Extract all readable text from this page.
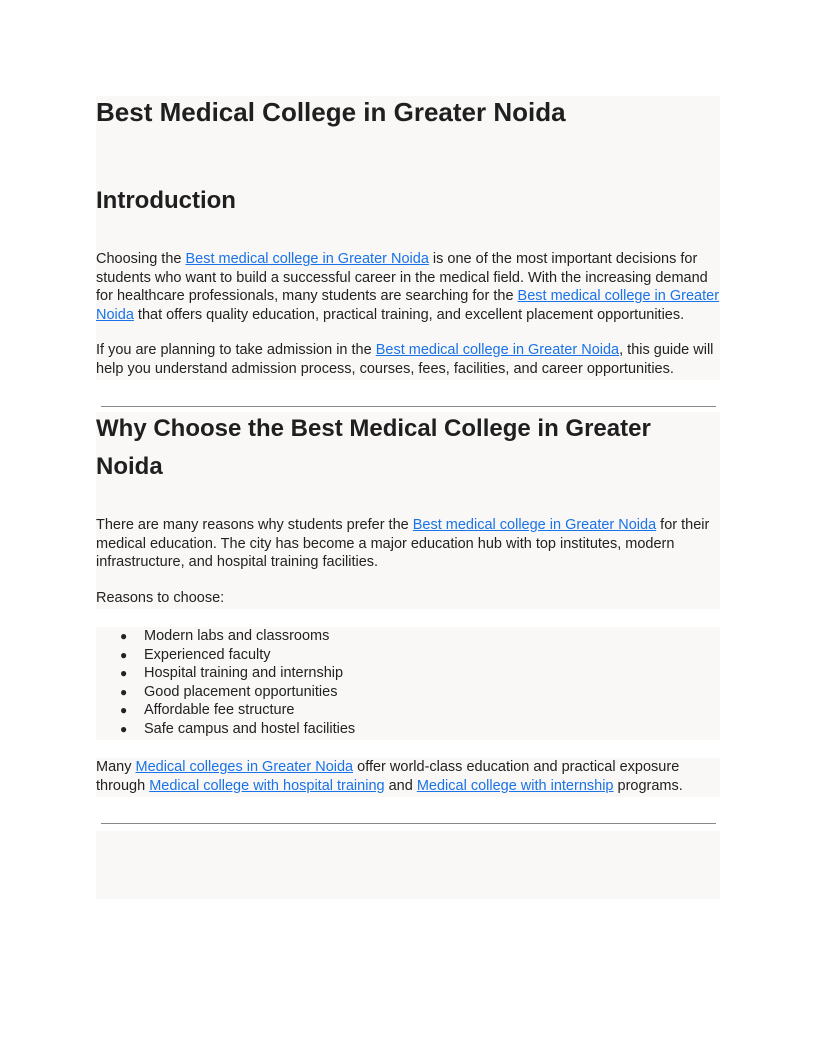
Best Medical College in Greater Noida
Introduction

Choosing the Best medical college in Greater Noida is one of the most important decisions for students who want to build a successful career in the medical field. With the increasing demand for healthcare professionals, many students are searching for the Best medical college in Greater Noida that offers quality education, practical training, and excellent placement opportunities.

If you are planning to take admission in the Best medical college in Greater Noida, this guide will help you understand admission process, courses, fees, facilities, and career opportunities.

Why Choose the Best Medical College in Greater Noida

There are many reasons why students prefer the Best medical college in Greater Noida for their medical education. The city has become a major education hub with top institutes, modern infrastructure, and hospital training facilities.

Reasons to choose:

● Modern labs and classrooms
● Experienced faculty
● Hospital training and internship
● Good placement opportunities
● Affordable fee structure
● Safe campus and hostel facilities

Many Medical colleges in Greater Noida offer world-class education and practical exposure through Medical college with hospital training and Medical college with internship programs.
